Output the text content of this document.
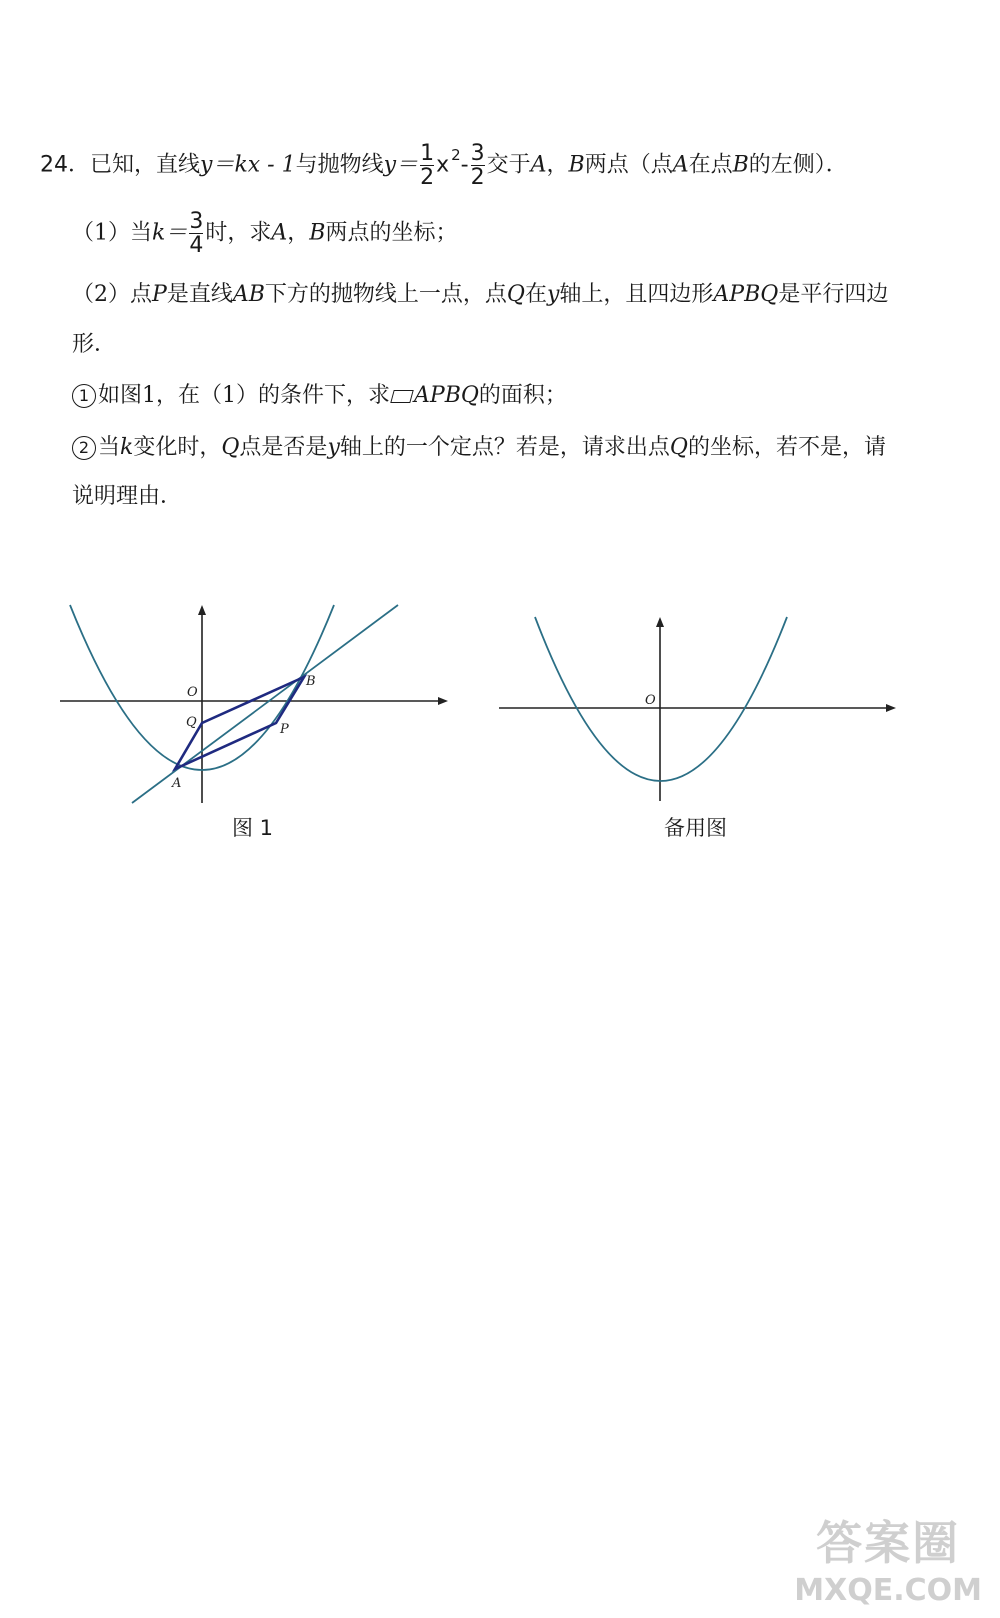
24．已知，直线y＝kx - 1与抛物线$y= \frac{1}{2}$ x $^2- \frac{3}{2}$ 交于A，B两点（点A在点B的左侧）．
（1）当$k= \frac{3}{4}$ 时，求A，B两点的坐标；
（2）点P是直线AB下方的抛物线上一点，点Q在y轴上，且四边形APBQ是平行四边
形．
1 如图1，在（1）的条件下，求 APBQ的面积；
2 当k变化时，Q点是否是y轴上的一个定点？若是，请求出点Q的坐标，若不是，请
说明理由．
O
Q
A
B
P
图 1
O
备用图
答案圈
MXQE.COM
